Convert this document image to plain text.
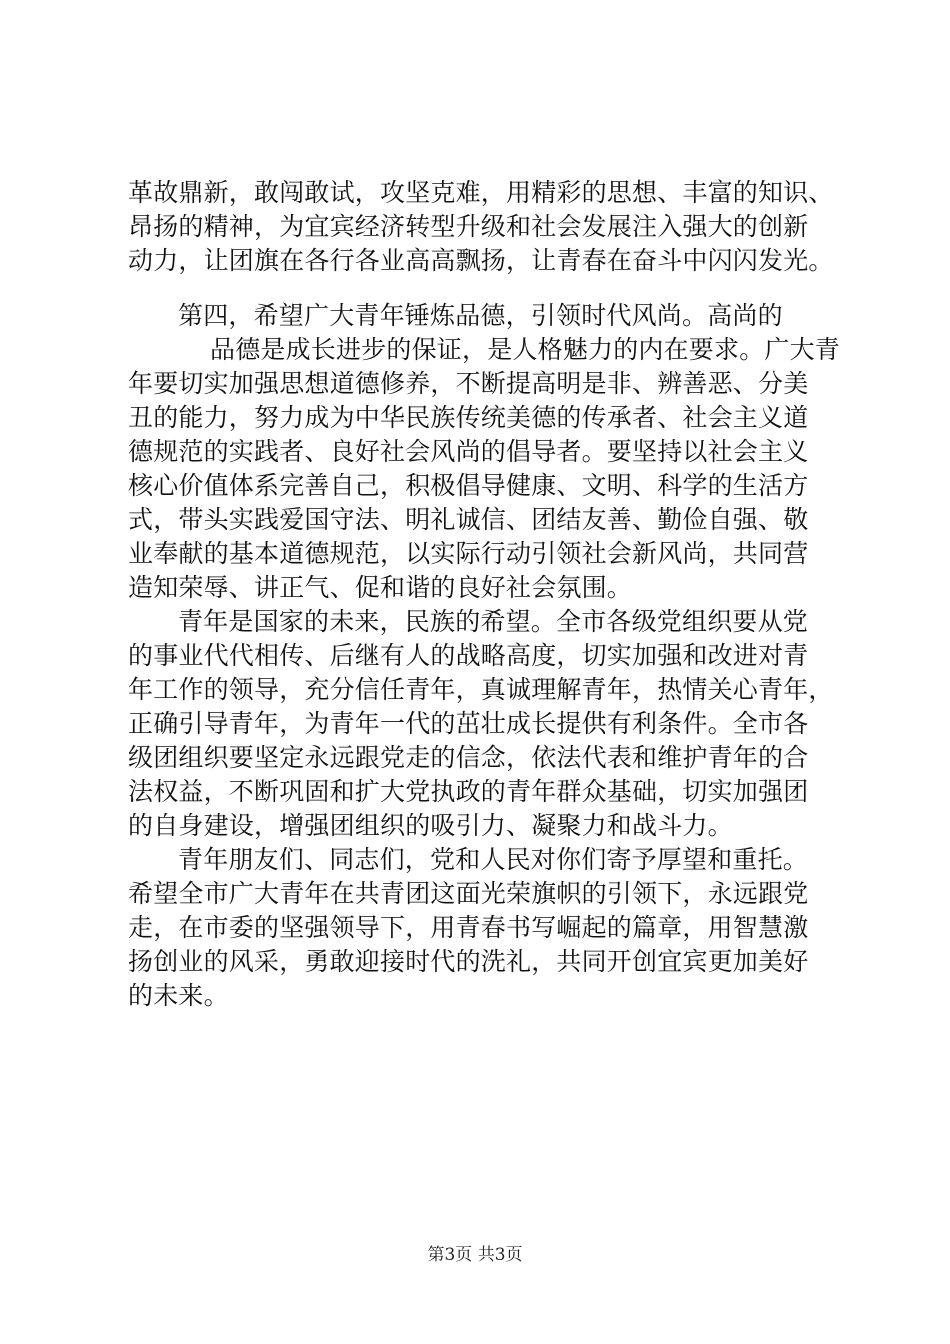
革故鼎新，敢闯敢试，攻坚克难，用精彩的思想、丰富的知识、
昂扬的精神，为宜宾经济转型升级和社会发展注入强大的创新
动力，让团旗在各行各业高高飘扬，让青春在奋斗中闪闪发光。
第四，希望广大青年锤炼品德，引领时代风尚。高尚的
品德是成长进步的保证，是人格魅力的内在要求。广大青
年要切实加强思想道德修养，不断提高明是非、辨善恶、分美
丑的能力，努力成为中华民族传统美德的传承者、社会主义道
德规范的实践者、良好社会风尚的倡导者。要坚持以社会主义
核心价值体系完善自己，积极倡导健康、文明、科学的生活方
式，带头实践爱国守法、明礼诚信、团结友善、勤俭自强、敬
业奉献的基本道德规范，以实际行动引领社会新风尚，共同营
造知荣辱、讲正气、促和谐的良好社会氛围。
青年是国家的未来，民族的希望。全市各级党组织要从党
的事业代代相传、后继有人的战略高度，切实加强和改进对青
年工作的领导，充分信任青年，真诚理解青年，热情关心青年，
正确引导青年，为青年一代的茁壮成长提供有利条件。全市各
级团组织要坚定永远跟党走的信念，依法代表和维护青年的合
法权益，不断巩固和扩大党执政的青年群众基础，切实加强团
的自身建设，增强团组织的吸引力、凝聚力和战斗力。
青年朋友们、同志们，党和人民对你们寄予厚望和重托。
希望全市广大青年在共青团这面光荣旗帜的引领下，永远跟党
走，在市委的坚强领导下，用青春书写崛起的篇章，用智慧激
扬创业的风采，勇敢迎接时代的洗礼，共同开创宜宾更加美好
的未来。
第3页 共3页
